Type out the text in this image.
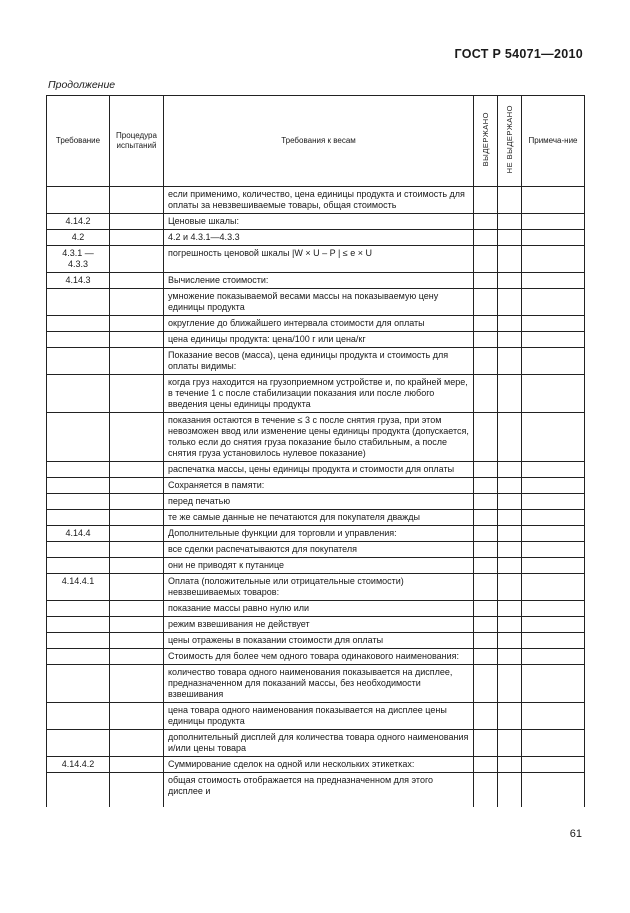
ГОСТ Р 54071—2010
Продолжение
Требование	Процедура испытаний	Требования к весам	ВЫДЕРЖАНО	НЕ ВЫДЕРЖАНО	Примеча-ние
		если применимо, количество, цена единицы продукта и стоимость для оплаты за невзвешиваемые товары, общая стоимость			
4.14.2		Ценовые шкалы:			
4.2		4.2 и 4.3.1—4.3.3			
4.3.1 — 4.3.3		погрешность ценовой шкалы |W × U – P | ≤ e × U			
4.14.3		Вычисление стоимости:			
		умножение показываемой весами массы на показываемую цену единицы продукта			
		округление до ближайшего интервала стоимости для оплаты			
		цена единицы продукта: цена/100 г или цена/кг			
		Показание весов (масса), цена единицы продукта и стоимость для оплаты видимы:			
		когда груз находится на грузоприемном устройстве и, по крайней мере, в течение 1 с после стабилизации показания или после любого введения цены единицы продукта			
		показания остаются в течение ≤ 3 с после снятия груза, при этом невозможен ввод или изменение цены единицы продукта (допускается, только если до снятия груза показание было стабильным, а после снятия груза установилось нулевое показание)			
		распечатка массы, цены единицы продукта и стоимости для оплаты			
		Сохраняется в памяти:			
		перед печатью			
		те же самые данные не печатаются для покупателя дважды			
4.14.4		Дополнительные функции для торговли и управления:			
		все сделки распечатываются для покупателя			
		они не приводят к путанице			
4.14.4.1		Оплата (положительные или отрицательные стоимости) невзвешиваемых товаров:			
		показание массы равно нулю или			
		режим взвешивания не действует			
		цены отражены в показании стоимости для оплаты			
		Стоимость для более чем одного товара одинакового наименования:			
		количество товара одного наименования показывается на дисплее, предназначенном для показаний массы, без необходимости взвешивания			
		цена товара одного наименования показывается на дисплее цены единицы продукта			
		дополнительный дисплей для количества товара одного наименования и/или цены товара			
4.14.4.2		Суммирование сделок на одной или нескольких этикетках:			
		общая стоимость отображается на предназначенном для этого дисплее и			
61
